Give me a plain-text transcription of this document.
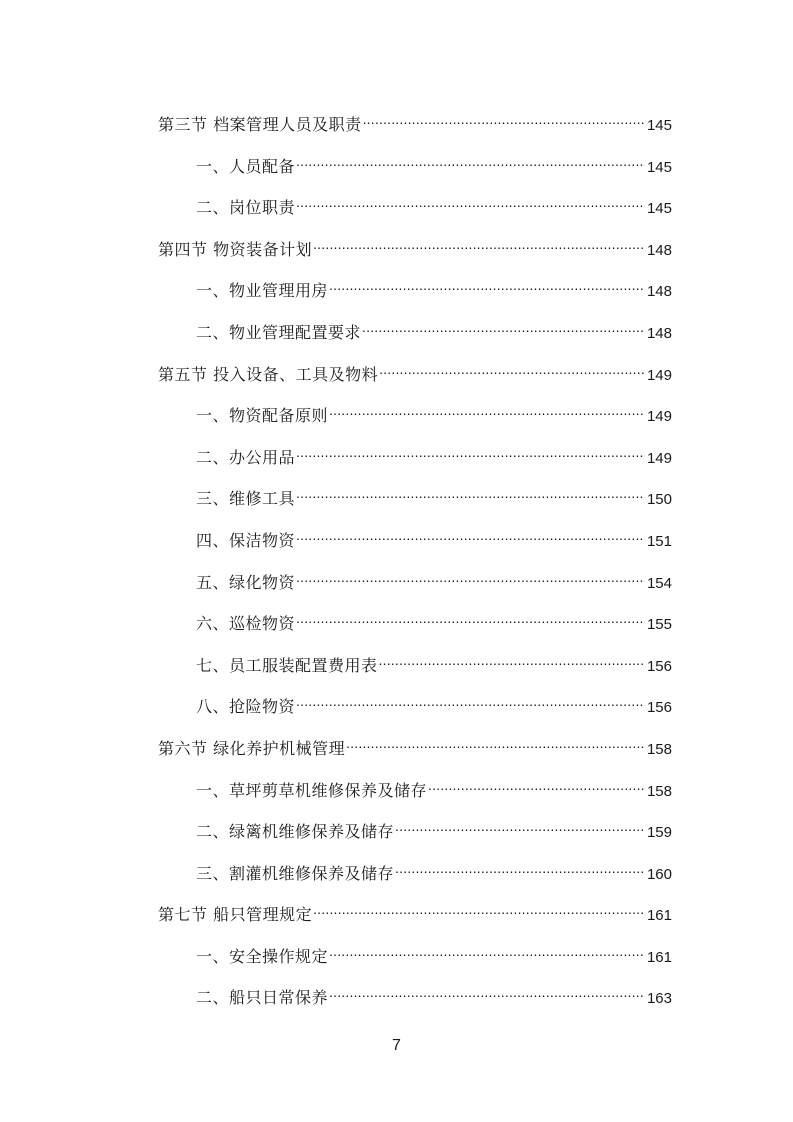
第三节 档案管理人员及职责 .....	145
一、人员配备 .....	145
二、岗位职责 .....	145
第四节 物资装备计划 .....	148
一、物业管理用房 .....	148
二、物业管理配置要求 .....	148
第五节 投入设备、工具及物料 .....	149
一、物资配备原则 .....	149
二、办公用品 .....	149
三、维修工具 .....	150
四、保洁物资 .....	151
五、绿化物资 .....	154
六、巡检物资 .....	155
七、员工服装配置费用表 .....	156
八、抢险物资 .....	156
第六节 绿化养护机械管理 .....	158
一、草坪剪草机维修保养及储存 .....	158
二、绿篱机维修保养及储存 .....	159
三、割灌机维修保养及储存 .....	160
第七节 船只管理规定 .....	161
一、安全操作规定 .....	161
二、船只日常保养 .....	163
7
